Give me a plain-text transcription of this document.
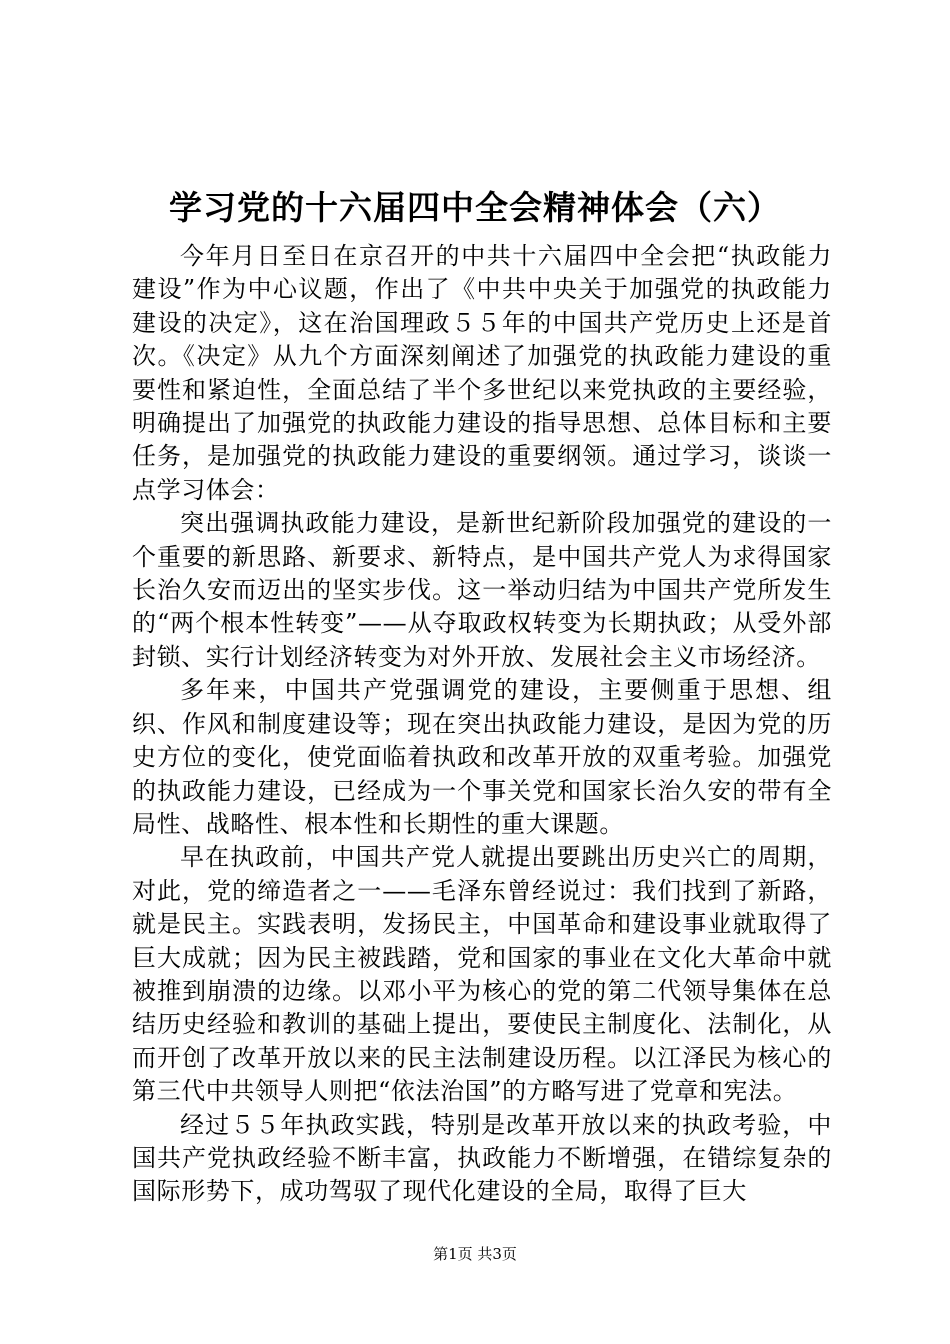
学习党的十六届四中全会精神体会（六）

今年月日至日在京召开的中共十六届四中全会把“执政能力建设”作为中心议题，作出了《中共中央关于加强党的执政能力建设的决定》，这在治国理政５５年的中国共产党历史上还是首次。《决定》从九个方面深刻阐述了加强党的执政能力建设的重要性和紧迫性，全面总结了半个多世纪以来党执政的主要经验，明确提出了加强党的执政能力建设的指导思想、总体目标和主要任务，是加强党的执政能力建设的重要纲领。通过学习，谈谈一点学习体会：

突出强调执政能力建设，是新世纪新阶段加强党的建设的一个重要的新思路、新要求、新特点，是中国共产党人为求得国家长治久安而迈出的坚实步伐。这一举动归结为中国共产党所发生的“两个根本性转变”——从夺取政权转变为长期执政；从受外部封锁、实行计划经济转变为对外开放、发展社会主义市场经济。

多年来，中国共产党强调党的建设，主要侧重于思想、组织、作风和制度建设等；现在突出执政能力建设，是因为党的历史方位的变化，使党面临着执政和改革开放的双重考验。加强党的执政能力建设，已经成为一个事关党和国家长治久安的带有全局性、战略性、根本性和长期性的重大课题。

早在执政前，中国共产党人就提出要跳出历史兴亡的周期，对此，党的缔造者之一——毛泽东曾经说过：我们找到了新路，就是民主。实践表明，发扬民主，中国革命和建设事业就取得了巨大成就；因为民主被践踏，党和国家的事业在文化大革命中就被推到崩溃的边缘。以邓小平为核心的党的第二代领导集体在总结历史经验和教训的基础上提出，要使民主制度化、法制化，从而开创了改革开放以来的民主法制建设历程。以江泽民为核心的第三代中共领导人则把“依法治国”的方略写进了党章和宪法。

经过５５年执政实践，特别是改革开放以来的执政考验，中国共产党执政经验不断丰富，执政能力不断增强，在错综复杂的国际形势下，成功驾驭了现代化建设的全局，取得了巨大

第1页 共3页
